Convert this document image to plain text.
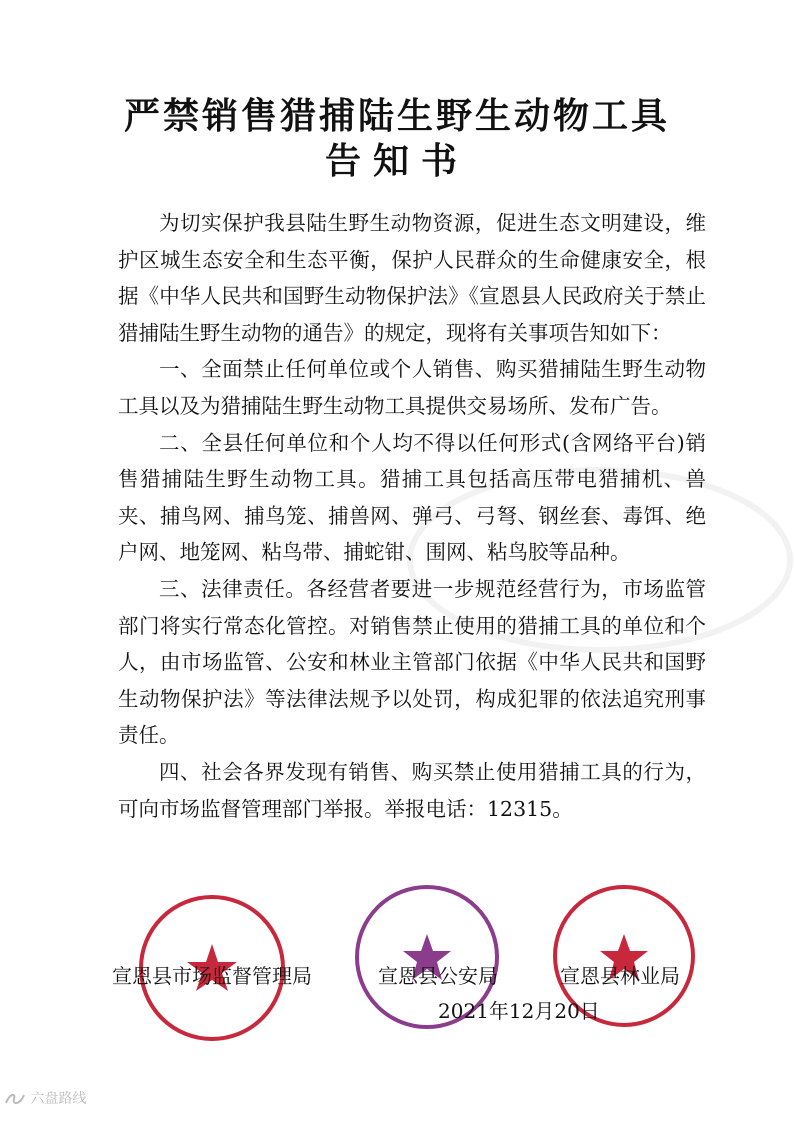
严禁销售猎捕陆生野生动物工具
告知书

为切实保护我县陆生野生动物资源，促进生态文明建设，维护区城生态安全和生态平衡，保护人民群众的生命健康安全，根据《中华人民共和国野生动物保护法》《宣恩县人民政府关于禁止猎捕陆生野生动物的通告》的规定，现将有关事项告知如下：

一、全面禁止任何单位或个人销售、购买猎捕陆生野生动物工具以及为猎捕陆生野生动物工具提供交易场所、发布广告。

二、全县任何单位和个人均不得以任何形式(含网络平台)销售猎捕陆生野生动物工具。猎捕工具包括高压带电猎捕机、兽夹、捕鸟网、捕鸟笼、捕兽网、弹弓、弓弩、钢丝套、毒饵、绝户网、地笼网、粘鸟带、捕蛇钳、围网、粘鸟胶等品种。

三、法律责任。各经营者要进一步规范经营行为，市场监管部门将实行常态化管控。对销售禁止使用的猎捕工具的单位和个人，由市场监管、公安和林业主管部门依据《中华人民共和国野生动物保护法》等法律法规予以处罚，构成犯罪的依法追究刑事责任。

四、社会各界发现有销售、购买禁止使用猎捕工具的行为，可向市场监督管理部门举报。举报电话：12315。

宣恩县市场监督管理局	宣恩县公安局	宣恩县林业局
2021年12月20日
六盘路线
